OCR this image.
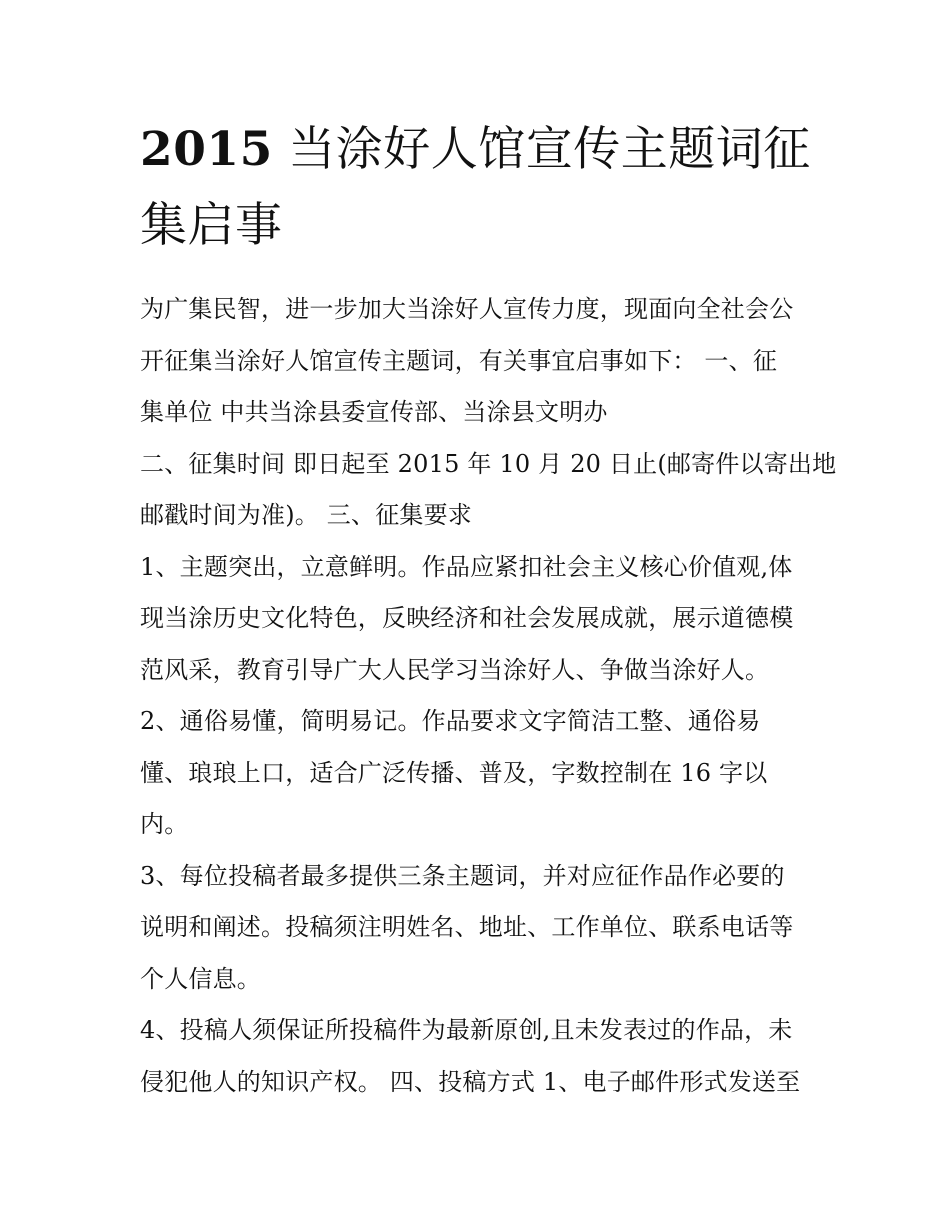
2015 当涂好人馆宣传主题词征
集启事
为广集民智，进一步加大当涂好人宣传力度，现面向全社会公
开征集当涂好人馆宣传主题词，有关事宜启事如下： 一、征
集单位 中共当涂县委宣传部、当涂县文明办
二、征集时间 即日起至 2015 年 10 月 20 日止(邮寄件以寄出地
邮戳时间为准)。 三、征集要求
1、主题突出，立意鲜明。作品应紧扣社会主义核心价值观,体
现当涂历史文化特色，反映经济和社会发展成就，展示道德模
范风采，教育引导广大人民学习当涂好人、争做当涂好人。
2、通俗易懂，简明易记。作品要求文字简洁工整、通俗易
懂、琅琅上口，适合广泛传播、普及，字数控制在 16 字以
内。
3、每位投稿者最多提供三条主题词，并对应征作品作必要的
说明和阐述。投稿须注明姓名、地址、工作单位、联系电话等
个人信息。
4、投稿人须保证所投稿件为最新原创,且未发表过的作品，未
侵犯他人的知识产权。 四、投稿方式 1、电子邮件形式发送至
